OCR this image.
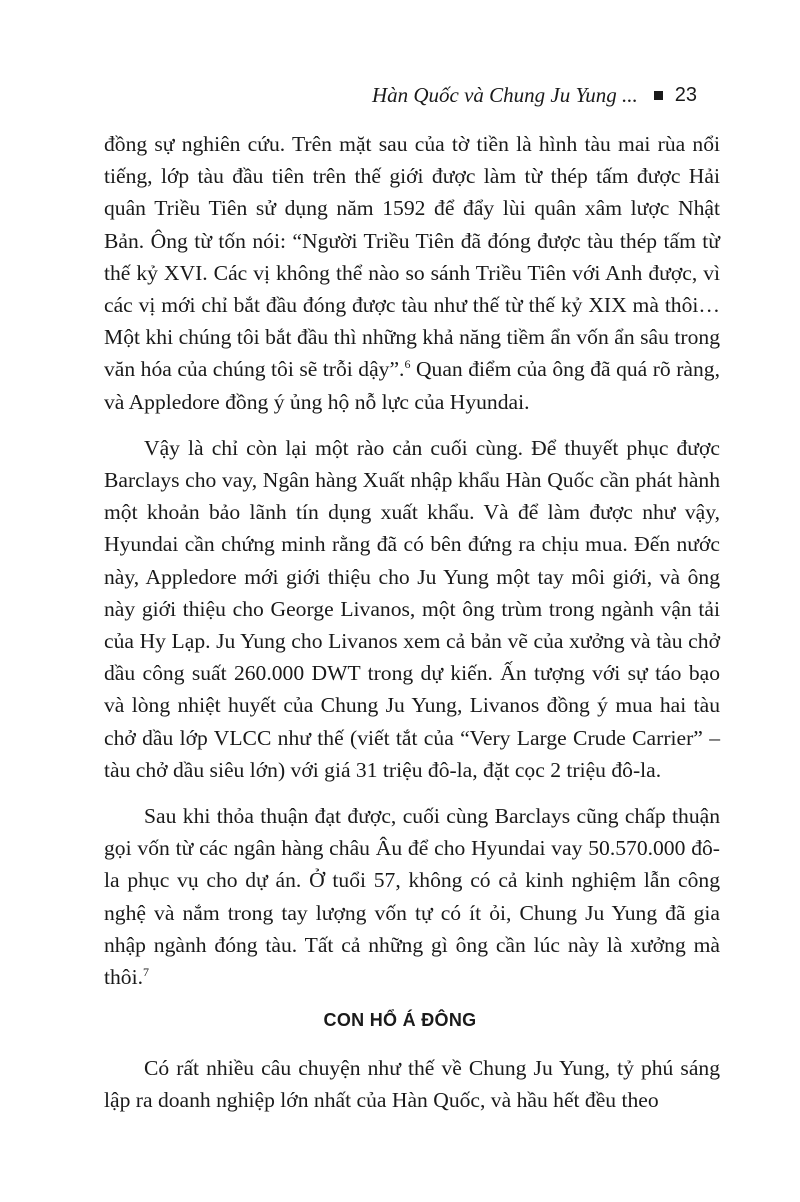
Hàn Quốc và Chung Ju Yung ... 23

đồng sự nghiên cứu. Trên mặt sau của tờ tiền là hình tàu mai rùa nổi tiếng, lớp tàu đầu tiên trên thế giới được làm từ thép tấm được Hải quân Triều Tiên sử dụng năm 1592 để đẩy lùi quân xâm lược Nhật Bản. Ông từ tốn nói: “Người Triều Tiên đã đóng được tàu thép tấm từ thế kỷ XVI. Các vị không thể nào so sánh Triều Tiên với Anh được, vì các vị mới chỉ bắt đầu đóng được tàu như thế từ thế kỷ XIX mà thôi… Một khi chúng tôi bắt đầu thì những khả năng tiềm ẩn vốn ẩn sâu trong văn hóa của chúng tôi sẽ trỗi dậy”.$^6$ Quan điểm của ông đã quá rõ ràng, và Appledore đồng ý ủng hộ nỗ lực của Hyundai.

Vậy là chỉ còn lại một rào cản cuối cùng. Để thuyết phục được Barclays cho vay, Ngân hàng Xuất nhập khẩu Hàn Quốc cần phát hành một khoản bảo lãnh tín dụng xuất khẩu. Và để làm được như vậy, Hyundai cần chứng minh rằng đã có bên đứng ra chịu mua. Đến nước này, Appledore mới giới thiệu cho Ju Yung một tay môi giới, và ông này giới thiệu cho George Livanos, một ông trùm trong ngành vận tải của Hy Lạp. Ju Yung cho Livanos xem cả bản vẽ của xưởng và tàu chở dầu công suất 260.000 DWT trong dự kiến. Ấn tượng với sự táo bạo và lòng nhiệt huyết của Chung Ju Yung, Livanos đồng ý mua hai tàu chở dầu lớp VLCC như thế (viết tắt của “Very Large Crude Carrier” – tàu chở dầu siêu lớn) với giá 31 triệu đô-la, đặt cọc 2 triệu đô-la.

Sau khi thỏa thuận đạt được, cuối cùng Barclays cũng chấp thuận gọi vốn từ các ngân hàng châu Âu để cho Hyundai vay 50.570.000 đô-la phục vụ cho dự án. Ở tuổi 57, không có cả kinh nghiệm lẫn công nghệ và nắm trong tay lượng vốn tự có ít ỏi, Chung Ju Yung đã gia nhập ngành đóng tàu. Tất cả những gì ông cần lúc này là xưởng mà thôi.$^7$

CON HỔ Á ĐÔNG

Có rất nhiều câu chuyện như thế về Chung Ju Yung, tỷ phú sáng lập ra doanh nghiệp lớn nhất của Hàn Quốc, và hầu hết đều theo
